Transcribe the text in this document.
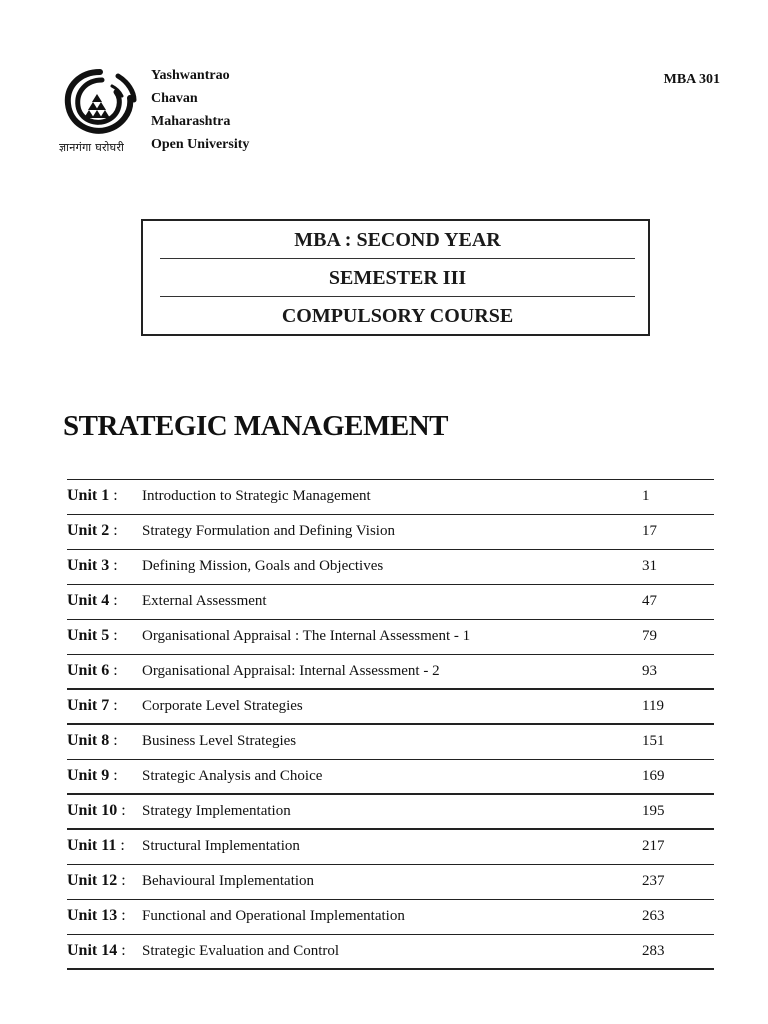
ज्ञानगंगा घरोघरी
Yashwantrao
Chavan
Maharashtra
Open University
MBA 301
MBA : SECOND YEAR
SEMESTER III
COMPULSORY COURSE
STRATEGIC MANAGEMENT
Unit 1 : Introduction to Strategic Management	1
Unit 2 : Strategy Formulation and Defining Vision	17
Unit 3 : Defining Mission, Goals and Objectives	31
Unit 4 : External Assessment	47
Unit 5 : Organisational Appraisal : The Internal Assessment - 1	79
Unit 6 : Organisational Appraisal: Internal Assessment - 2	93
Unit 7 : Corporate Level Strategies	119
Unit 8 : Business Level Strategies	151
Unit 9 : Strategic Analysis and Choice	169
Unit 10 : Strategy Implementation	195
Unit 11 : Structural Implementation	217
Unit 12 : Behavioural Implementation	237
Unit 13 : Functional and Operational Implementation	263
Unit 14 : Strategic Evaluation and Control	283
